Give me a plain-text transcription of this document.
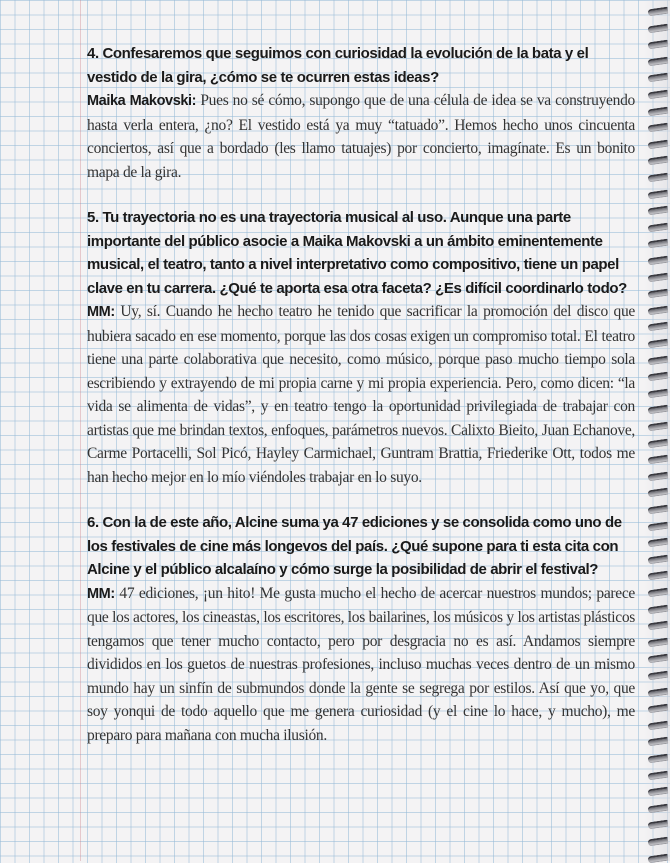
4. Confesaremos que seguimos con curiosidad la evolución de la bata y el vestido de la gira, ¿cómo se te ocurren estas ideas?
Maika Makovski: Pues no sé cómo, supongo que de una célula de idea se va construyendo hasta verla entera, ¿no? El vestido está ya muy “tatuado”. Hemos hecho unos cincuenta conciertos, así que a bordado (les llamo tatuajes) por concierto, imagínate. Es un bonito mapa de la gira.
5. Tu trayectoria no es una trayectoria musical al uso. Aunque una parte importante del público asocie a Maika Makovski a un ámbito eminentemente musical, el teatro, tanto a nivel interpretativo como compositivo, tiene un papel clave en tu carrera. ¿Qué te aporta esa otra faceta? ¿Es difícil coordinarlo todo?
MM: Uy, sí. Cuando he hecho teatro he tenido que sacrificar la promoción del disco que hubiera sacado en ese momento, porque las dos cosas exigen un compromiso total. El teatro tiene una parte colaborativa que necesito, como músico, porque paso mucho tiempo sola escribiendo y extrayendo de mi propia carne y mi propia experiencia. Pero, como dicen: “la vida se alimenta de vidas”, y en teatro tengo la oportunidad privilegiada de trabajar con artistas que me brindan textos, enfoques, parámetros nuevos. Calixto Bieito, Juan Echanove, Carme Portacelli, Sol Picó, Hayley Carmichael, Guntram Brattia, Friederike Ott, todos me han hecho mejor en lo mío viéndoles trabajar en lo suyo.
6. Con la de este año, Alcine suma ya 47 ediciones y se consolida como uno de los festivales de cine más longevos del país. ¿Qué supone para ti esta cita con Alcine y el público alcalaíno y cómo surge la posibilidad de abrir el festival?
MM: 47 ediciones, ¡un hito! Me gusta mucho el hecho de acercar nuestros mundos; parece que los actores, los cineastas, los escritores, los bailarines, los músicos y los artistas plásticos tengamos que tener mucho contacto, pero por desgracia no es así. Andamos siempre divididos en los guetos de nuestras profesiones, incluso muchas veces dentro de un mismo mundo hay un sinfín de submundos donde la gente se segrega por estilos. Así que yo, que soy yonqui de todo aquello que me genera curiosidad (y el cine lo hace, y mucho), me preparo para mañana con mucha ilusión.
